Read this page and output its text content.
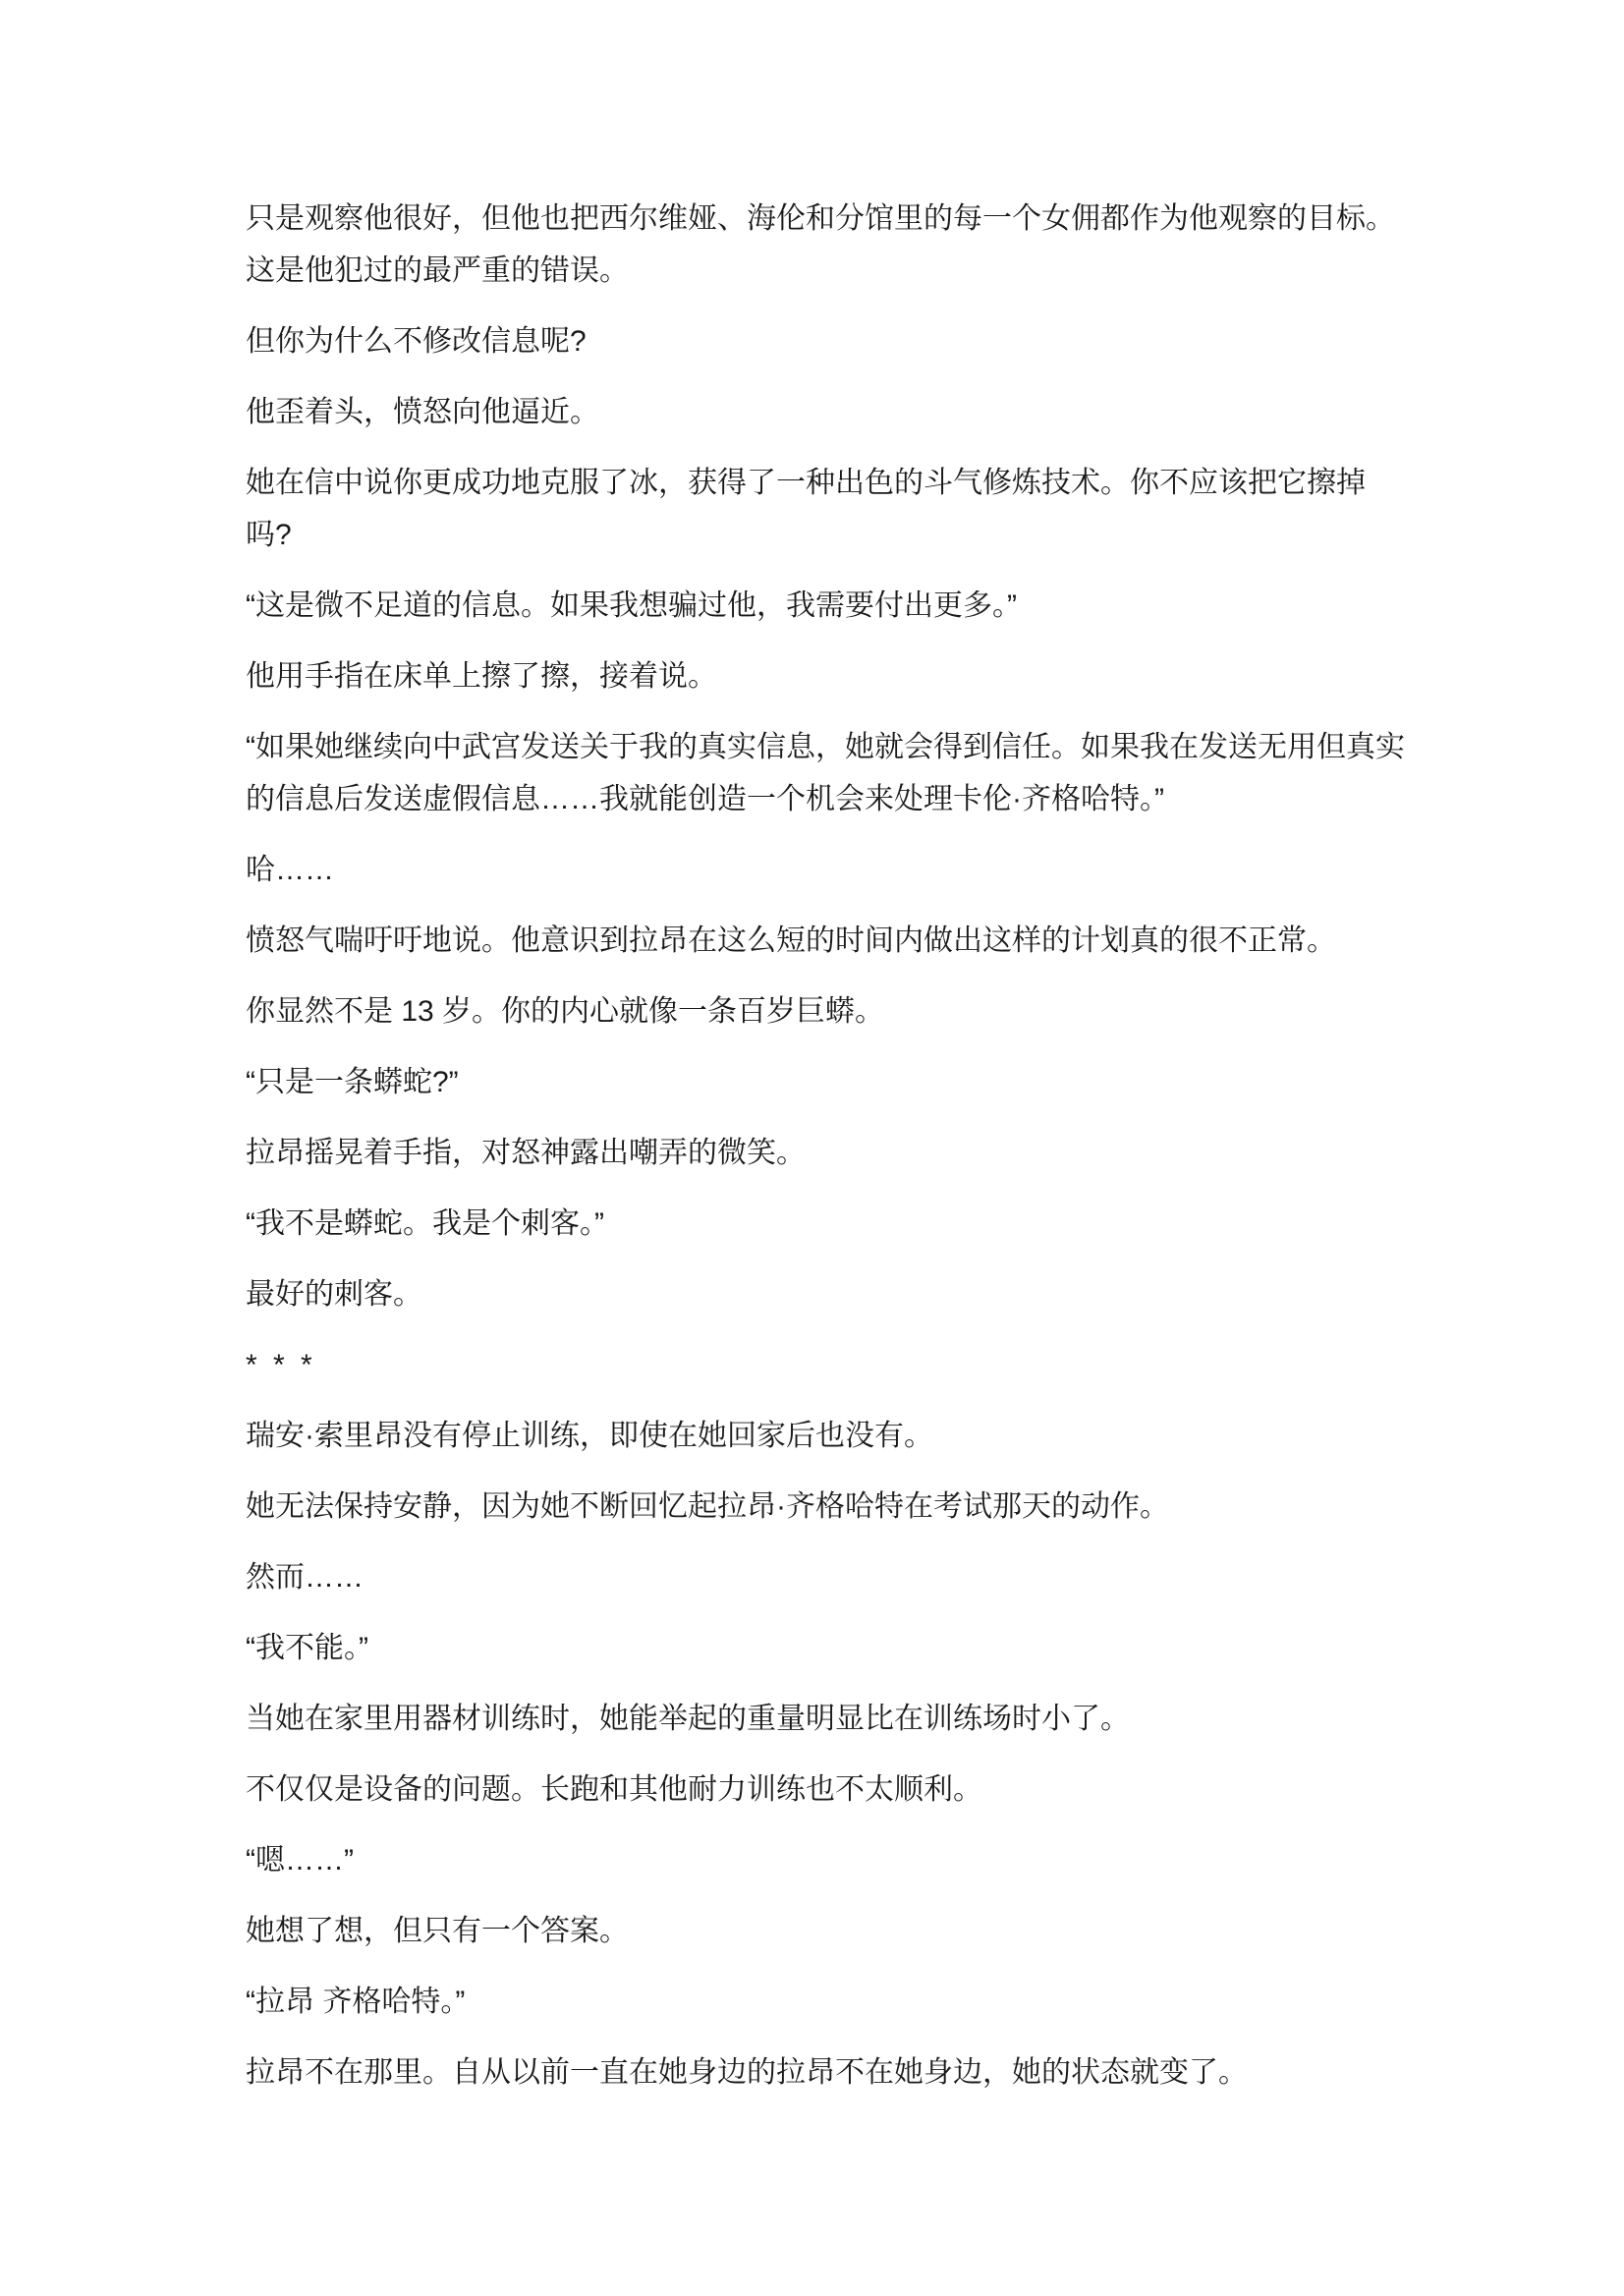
只是观察他很好，但他也把西尔维娅、海伦和分馆里的每一个女佣都作为他观察的目标。这是他犯过的最严重的错误。

但你为什么不修改信息呢?

他歪着头，愤怒向他逼近。

她在信中说你更成功地克服了冰，获得了一种出色的斗气修炼技术。你不应该把它擦掉吗?

“这是微不足道的信息。如果我想骗过他，我需要付出更多。”

他用手指在床单上擦了擦，接着说。

“如果她继续向中武宫发送关于我的真实信息，她就会得到信任。如果我在发送无用但真实的信息后发送虚假信息……我就能创造一个机会来处理卡伦·齐格哈特。”

哈……

愤怒气喘吁吁地说。他意识到拉昂在这么短的时间内做出这样的计划真的很不正常。

你显然不是 13 岁。你的内心就像一条百岁巨蟒。

“只是一条蟒蛇?”

拉昂摇晃着手指，对怒神露出嘲弄的微笑。

“我不是蟒蛇。我是个刺客。”

最好的刺客。

* * *

瑞安·索里昂没有停止训练，即使在她回家后也没有。

她无法保持安静，因为她不断回忆起拉昂·齐格哈特在考试那天的动作。

然而……

“我不能。”

当她在家里用器材训练时，她能举起的重量明显比在训练场时小了。

不仅仅是设备的问题。长跑和其他耐力训练也不太顺利。

“嗯……”

她想了想，但只有一个答案。

“拉昂 齐格哈特。”

拉昂不在那里。自从以前一直在她身边的拉昂不在她身边，她的状态就变了。
